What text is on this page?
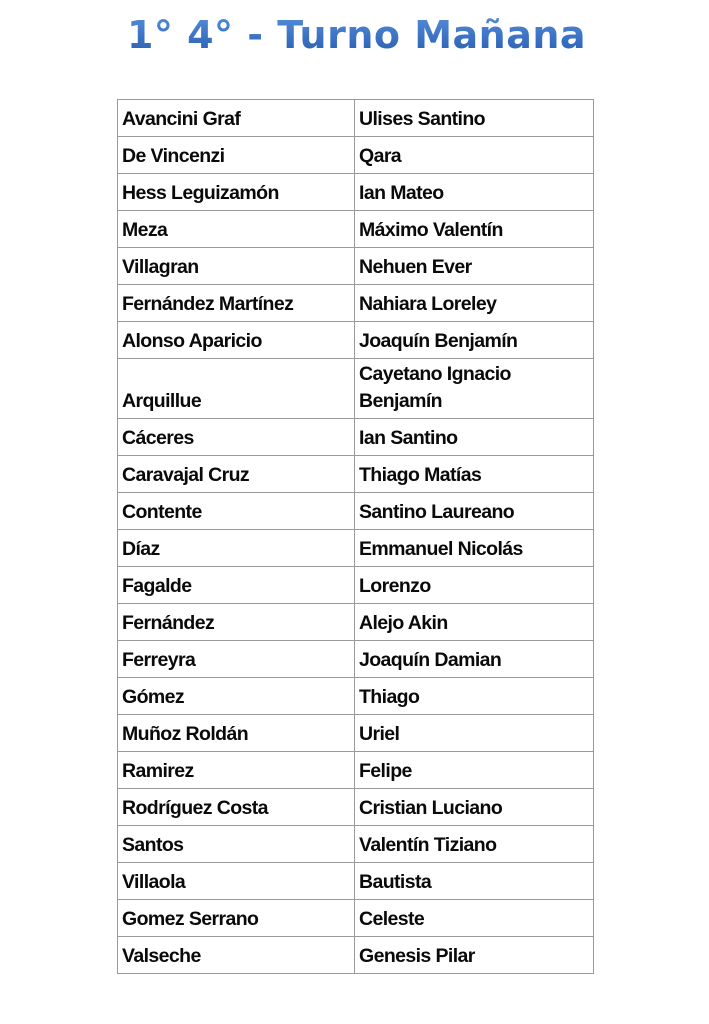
1° 4° - Turno Mañana
Avancini Graf	Ulises Santino
De Vincenzi	Qara
Hess Leguizamón	Ian Mateo
Meza	Máximo Valentín
Villagran	Nehuen Ever
Fernández Martínez	Nahiara Loreley
Alonso Aparicio	Joaquín Benjamín
Arquillue	Cayetano Ignacio Benjamín
Cáceres	Ian Santino
Caravajal Cruz	Thiago Matías
Contente	Santino Laureano
Díaz	Emmanuel Nicolás
Fagalde	Lorenzo
Fernández	Alejo Akin
Ferreyra	Joaquín Damian
Gómez	Thiago
Muñoz Roldán	Uriel
Ramirez	Felipe
Rodríguez Costa	Cristian Luciano
Santos	Valentín Tiziano
Villaola	Bautista
Gomez Serrano	Celeste
Valseche	Genesis Pilar
